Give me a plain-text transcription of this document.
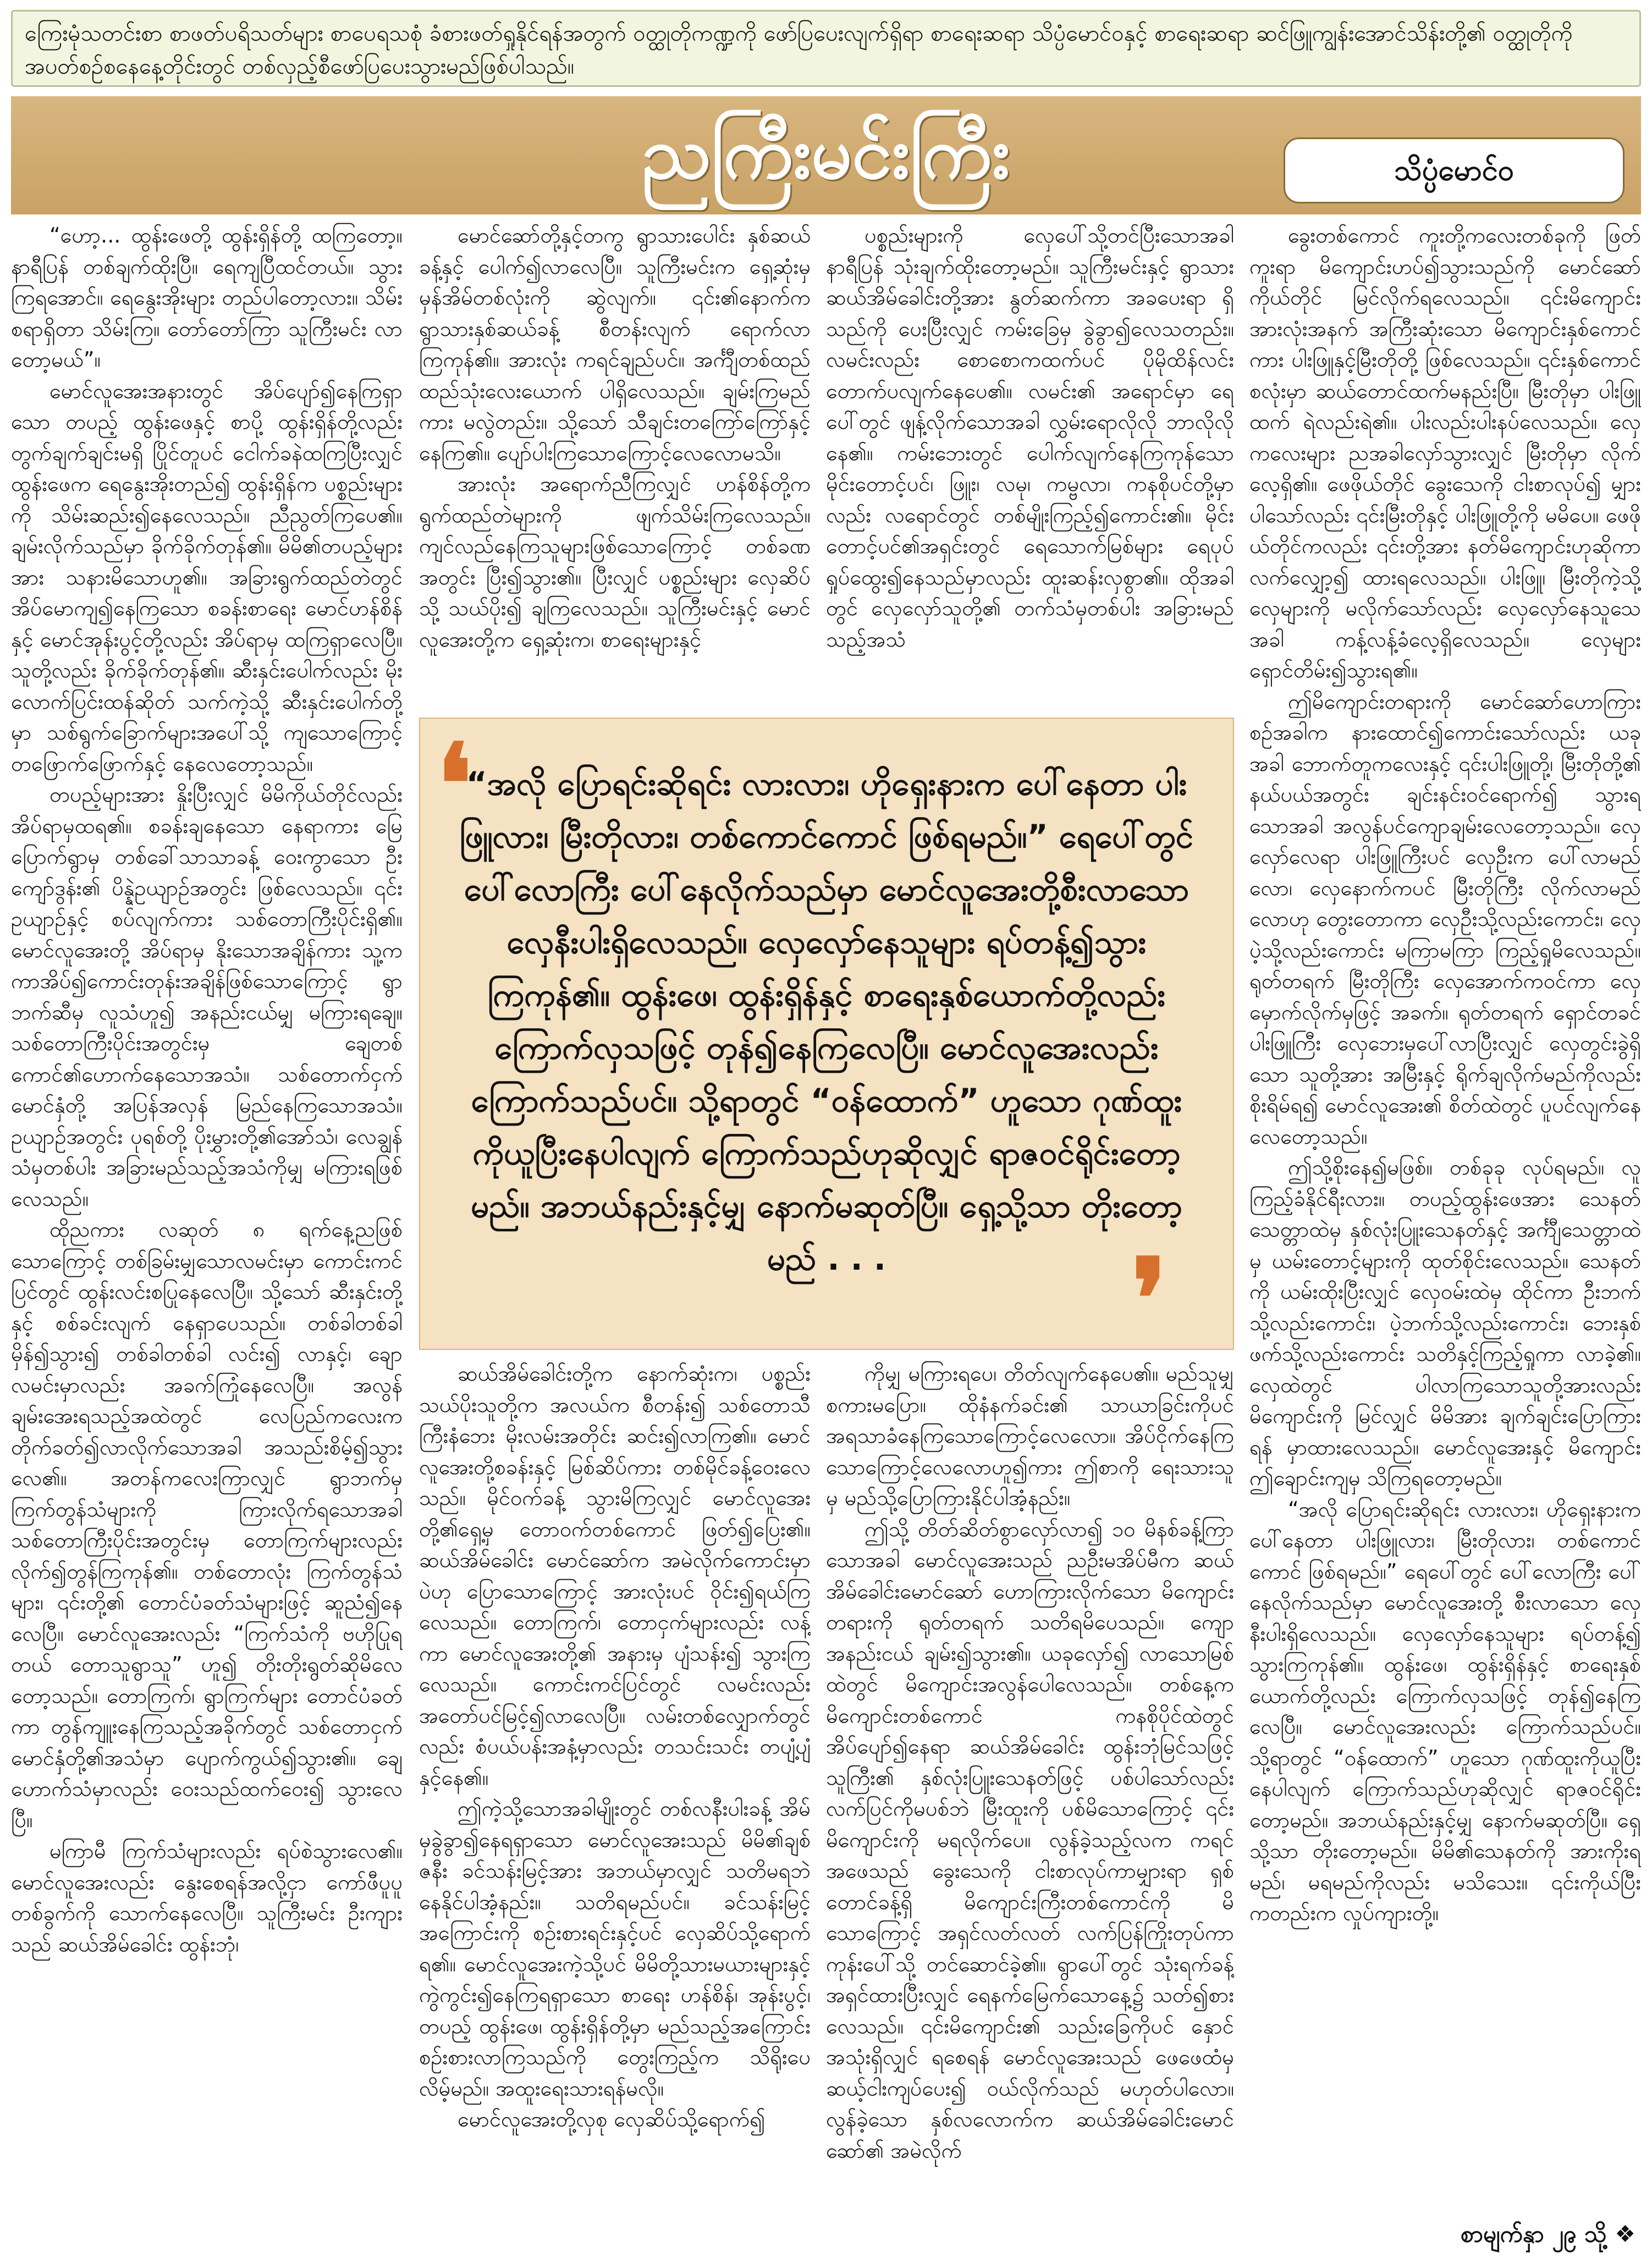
ကြေးမုံသတင်းစာ စာဖတ်ပရိသတ်များ စာပေရသစုံ ခံစားဖတ်ရှုနိုင်ရန်အတွက် ဝတ္ထုတိုကဏ္ဍကို ဖော်ပြပေးလျက်ရှိရာ စာရေးဆရာ သိပ္ပံမောင်ဝနှင့် စာရေးဆရာ ဆင်ဖြူကျွန်းအောင်သိန်းတို့၏ ဝတ္ထုတိုကို အပတ်စဉ်စနေနေ့တိုင်းတွင် တစ်လှည့်စီဖော်ပြပေးသွားမည်ဖြစ်ပါသည်။
ညကြီးမင်းကြီး	သိပ္ပံမောင်ဝ

“ဟော့... ထွန်းဖေတို့ ထွန်းရှိန်တို့ ထကြတော့။ နာရီပြန် တစ်ချက်ထိုးပြီ။ ရေကျပြီထင်တယ်။ သွားကြရအောင်။ ရေနွေးအိုးများ တည်ပါတော့လား။ သိမ်းစရာရှိတာ သိမ်းကြ။ တော်တော်ကြာ သူကြီးမင်း လာတော့မယ်”။

မောင်လူအေးအနားတွင် အိပ်ပျော်၍နေကြရှာသော တပည့် ထွန်းဖေနှင့် စာပို့ ထွန်းရှိန်တို့လည်း တွက်ချက်ချင်းမရှိ ပြိုင်တူပင် ငေါက်ခနဲထကြပြီးလျှင် ထွန်းဖေက ရေနွေးအိုးတည်၍ ထွန်းရှိန်က ပစ္စည်းများကို သိမ်းဆည်း၍နေလေသည်။ ညီညွတ်ကြပေ၏။ ချမ်းလိုက်သည်မှာ ခိုက်ခိုက်တုန်၏။ မိမိ၏တပည့်များအား သနားမိသောဟူ၏။ အခြားရွက်ထည်တဲတွင် အိပ်မောကျ၍နေကြသော စခန်းစာရေး မောင်ဟန်စိန်နှင့် မောင်အုန်းပွင့်တို့လည်း အိပ်ရာမှ ထကြရှာလေပြီ။ သူတို့လည်း ခိုက်ခိုက်တုန်၏။ ဆီးနှင်းပေါက်လည်း မိုးလောက်ပြင်းထန်ဆိုတ် သက်ကဲ့သို့ ဆီးနှင်းပေါက်တို့မှာ သစ်ရွက်ခြောက်များအပေါ်သို့ ကျသောကြောင့် တဖြောက်ဖြောက်နှင့် နေလေတော့သည်။

တပည့်များအား နှိုးပြီးလျှင် မိမိကိုယ်တိုင်လည်း အိပ်ရာမှထရ၏။ စခန်းချနေသော နေရာကား မြေပြောက်ရွာမှ တစ်ခေါ်သာသာခန့် ဝေးကွာသော ဦးကျော်ဒွန်း၏ ပိန္နဲဥယျာဉ်အတွင်း ဖြစ်လေသည်။ ၎င်းဥယျာဉ်နှင့် စပ်လျက်ကား သစ်တောကြီးပိုင်းရှိ၏။ မောင်လူအေးတို့ အိပ်ရာမှ နိုးသောအချိန်ကား သူ့ကကာအိပ်၍ကောင်းတုန်းအချိန်ဖြစ်သောကြောင့် ရွာဘက်ဆီမှ လူသံဟူ၍ အနည်းငယ်မျှ မကြားရချေ။ သစ်တောကြီးပိုင်းအတွင်းမှ ချေတစ်ကောင်၏ဟောက်နေသောအသံ။ သစ်တောက်ငှက်မောင်နှံတို့ အပြန်အလှန် မြည်နေကြသောအသံ။ ဥယျာဉ်အတွင်း ပုရစ်တို့ ပိုးမွှားတို့၏အော်သံ၊ လေချွန်သံမှတစ်ပါး အခြားမည်သည့်အသံကိုမျှ မကြားရဖြစ်လေသည်။

ထိုညကား လဆုတ် ၈ ရက်နေ့ညဖြစ်သောကြောင့် တစ်ခြမ်းမျှသောလမင်းမှာ ကောင်းကင်ပြင်တွင် ထွန်းလင်းစပြုနေလေပြီ။ သို့သော် ဆီးနှင်းတို့နှင့် စစ်ခင်းလျက် နေရှာပေသည်။ တစ်ခါတစ်ခါ မှိန်၍သွား၍ တစ်ခါတစ်ခါ လင်း၍ လာနှင့်၊ ချော လမင်းမှာလည်း အခက်ကြုံနေလေပြီ။ အလွန်ချမ်းအေးရသည့်အထဲတွင် လေပြည်ကလေးက တိုက်ခတ်၍လာလိုက်သောအခါ အသည်းစိမ့်၍သွားလေ၏။ အတန်ကလေးကြာလျှင် ရွာဘက်မှ ကြက်တွန်သံများကို ကြားလိုက်ရသောအခါ သစ်တောကြီးပိုင်းအတွင်းမှ တောကြက်များလည်း လိုက်၍တွန်ကြကုန်၏။ တစ်တောလုံး ကြက်တွန်သံများ၊ ၎င်းတို့၏ တောင်ပံခတ်သံများဖြင့် ဆူညံ၍နေလေပြီ။ မောင်လူအေးလည်း “ကြက်သံကို ဗဟိုပြုရတယ် တောသူရွာသူ” ဟူ၍ တိုးတိုးရွတ်ဆိုမိလေတော့သည်။ တောကြက်၊ ရွာကြက်များ တောင်ပံခတ်ကာ တွန်ကျူးနေကြသည့်အခိုက်တွင် သစ်တောငှက်မောင်နှံတို့၏အသံမှာ ပျောက်ကွယ်၍သွား၏။ ချေဟောက်သံမှာလည်း ဝေးသည်ထက်ဝေး၍ သွားလေပြီ။

မကြာမီ ကြက်သံများလည်း ရပ်စဲသွားလေ၏။ မောင်လူအေးလည်း နွေးစေရန်အလို့ငှာ ကော်ဖီပူပူတစ်ခွက်ကို သောက်နေလေပြီ။ သူကြီးမင်း ဦးကျားသည် ဆယ်အိမ်ခေါင်း ထွန်းဘုံ၊

မောင်ဆော်တို့နှင့်တကွ ရွာသားပေါင်း နှစ်ဆယ်ခန့်နှင့် ပေါက်၍လာလေပြီ။ သူကြီးမင်းက ရှေ့ဆုံးမှ မှန်အိမ်တစ်လုံးကို ဆွဲလျက်။ ၎င်း၏နောက်က ရွာသားနှစ်ဆယ်ခန့် စီတန်းလျက် ရောက်လာကြကုန်၏။ အားလုံး ကရင်ချည်ပင်။ အင်္ကျီတစ်ထည်ထည်သုံးလေးယောက် ပါရှိလေသည်။ ချမ်းကြမည်ကား မလွဲတည်း။ သို့သော် သီချင်းတကြော်ကြော်နှင့်နေကြ၏။ ပျော်ပါးကြသောကြောင့်လေလောမသိ။

အားလုံး အရောက်ညီကြလျှင် ဟန်စိန်တို့က ရွက်ထည်တဲများကို ဖျက်သိမ်းကြလေသည်။ ကျင်လည်နေကြသူများဖြစ်သောကြောင့် တစ်ခဏအတွင်း ပြီး၍သွား၏။ ပြီးလျှင် ပစ္စည်းများ လှေဆိပ်သို့ သယ်ပိုး၍ ချကြလေသည်။ သူကြီးမင်းနှင့် မောင်လူအေးတို့က ရှေ့ဆုံးက၊ စာရေးများနှင့်

ပစ္စည်းများကို လှေပေါ်သို့တင်ပြီးသောအခါ နာရီပြန် သုံးချက်ထိုးတော့မည်။ သူကြီးမင်းနှင့် ရွာသား ဆယ်အိမ်ခေါင်းတို့အား နွတ်ဆက်ကာ အခပေးရာ ရှိသည်ကို ပေးပြီးလျှင် ကမ်းခြေမှ ခွဲခွာ၍လေသတည်း။ လမင်းလည်း စောစောကထက်ပင် ပိုမိုထိန်လင်းတောက်ပလျက်နေပေ၏။ လမင်း၏ အရောင်မှာ ရေပေါ်တွင် ဖျန့်လိုက်သောအခါ လွှမ်းရောလိုလို ဘာလိုလိုနေ၏။ ကမ်းဘေးတွင် ပေါက်လျက်နေကြကုန်သော မိုင်းတောင့်ပင်၊ ဖြူး၊ လမု၊ ကမ္ဗလာ၊ ကနစိုပင်တို့မှာလည်း လရောင်တွင် တစ်မျိုးကြည့်၍ကောင်း၏။ မိုင်းတောင့်ပင်၏အရှင်းတွင် ရေသောက်မြစ်များ ရေပုပ်ရှုပ်ထွေး၍နေသည်မှာလည်း ထူးဆန်းလှစွာ၏။ ထိုအခါတွင် လှေလှော်သူတို့၏ တက်သံမှတစ်ပါး အခြားမည်သည့်အသံ

❛
“အလို ပြောရင်းဆိုရင်း လားလား၊ ဟိုရှေးနားက ပေါ်နေတာ ပါးဖြူလား၊ မြီးတိုလား၊ တစ်ကောင်ကောင် ဖြစ်ရမည်။” ရေပေါ်တွင် ပေါ်လောကြီး ပေါ်နေလိုက်သည်မှာ မောင်လူအေးတို့စီးလာသော လှေနီးပါးရှိလေသည်။ လှေလှော်နေသူများ ရပ်တန့်၍သွားကြကုန်၏။ ထွန်းဖေ၊ ထွန်းရှိန်နှင့် စာရေးနှစ်ယောက်တို့လည်း ကြောက်လှသဖြင့် တုန်၍နေကြလေပြီ။ မောင်လူအေးလည်း ကြောက်သည်ပင်။ သို့ရာတွင် “ဝန်ထောက်” ဟူသော ဂုဏ်ထူးကိုယူပြီးနေပါလျက် ကြောက်သည်ဟုဆိုလျှင် ရာဇဝင်ရိုင်းတော့မည်။ အဘယ်နည်းနှင့်မျှ နောက်မဆုတ်ပြီ။ ရှေ့သို့သာ တိုးတော့မည် . . . ❜

ခွေးတစ်ကောင် ကူးတို့ကလေးတစ်ခုကို ဖြတ်ကူးရာ မိကျောင်းဟပ်၍သွားသည်ကို မောင်ဆော်ကိုယ်တိုင် မြင်လိုက်ရလေသည်။ ၎င်းမိကျောင်းအားလုံးအနက် အကြီးဆုံးသော မိကျောင်းနှစ်ကောင်ကား ပါးဖြူနှင့်မြီးတိုတို့ ဖြစ်လေသည်။ ၎င်းနှစ်ကောင်စလုံးမှာ ဆယ်တောင်ထက်မနည်းပြီ။ မြီးတိုမှာ ပါးဖြူထက် ရဲလည်းရဲ၏။ ပါးလည်းပါးနပ်လေသည်။ လှေကလေးများ ညအခါလှော်သွားလျှင် မြီးတိုမှာ လိုက်လေ့ရှိ၏။ ဖေဖိုယ်တိုင် ခွေးသေကို ငါးစာလုပ်၍ မျှားပါသော်လည်း ၎င်းမြီးတိုနှင့် ပါးဖြူတို့ကို မမိပေ။ ဖေဖိုယ်တိုင်ကလည်း ၎င်းတို့အား နတ်မိကျောင်းဟုဆိုကာ လက်လျှော့၍ ထားရလေသည်။ ပါးဖြူ၊ မြီးတိုကဲ့သို့ လှေများကို မလိုက်သော်လည်း လှေလှော်နေသူသေအခါ ကန့်လန့်ခံလေ့ရှိလေသည်။ လှေများ ရှောင်တိမ်း၍သွားရ၏။

ဤမိကျောင်းတရားကို မောင်ဆော်ဟောကြားစဉ်အခါက နားထောင်၍ကောင်းသော်လည်း ယခုအခါ ဘောက်တူကလေးနှင့် ၎င်းပါးဖြူတို့၊ မြီးတိုတို့၏ နယ်ပယ်အတွင်း ချင်းနင်းဝင်ရောက်၍ သွားရသောအခါ အလွန်ပင်ကျောချမ်းလေတော့သည်။ လှေလှော်လေရာ ပါးဖြူကြီးပင် လှေဦးက ပေါ်လာမည်လော၊ လှေနောက်ကပင် မြီးတိုကြီး လိုက်လာမည်လောဟု တွေးတောကာ လှေဦးသို့လည်းကောင်း၊ လှေပဲ့သို့လည်းကောင်း မကြာမကြာ ကြည့်ရှုမိလေသည်။ ရုတ်တရက် မြီးတိုကြီး လှေအောက်ကဝင်ကာ လှေမှောက်လိုက်မှဖြင့် အခက်။ ရုတ်တရက် ရှောင်တခင် ပါးဖြူကြီး လှေဘေးမှပေါ်လာပြီးလျှင် လှေတွင်းခွဲရှိသော သူတို့အား အမြီးနှင့် ရိုက်ချလိုက်မည်ကိုလည်းစိုးရိမ်ရ၍ မောင်လူအေး၏ စိတ်ထဲတွင် ပူပင်လျက်နေလေတော့သည်။

ဤသို့စိုးနေ၍မဖြစ်။ တစ်ခုခု လုပ်ရမည်။ လူကြည့်ခံနိုင်ရီးလား။ တပည့်ထွန်းဖေအား သေနတ်သေတ္တာထဲမှ နှစ်လုံးပြူးသေနတ်နှင့် အင်္ကျီသေတ္တာထဲမှ ယမ်းတောင့်များကို ထုတ်စိုင်းလေသည်။ သေနတ်ကို ယမ်းထိုးပြီးလျှင် လှေဝမ်းထဲမှ ထိုင်ကာ ဦးဘက်သို့လည်းကောင်း၊ ပဲ့ဘက်သို့လည်းကောင်း၊ ဘေးနှစ်ဖက်သို့လည်းကောင်း သတိနှင့်ကြည့်ရှုကာ လာခဲ့၏။ လှေထဲတွင် ပါလာကြသောသူတို့အားလည်း မိကျောင်းကို မြင်လျှင် မိမိအား ချက်ချင်းပြောကြားရန် မှာထားလေသည်။ မောင်လူအေးနှင့် မိကျောင်း ဤချောင်းကျမှ သိကြရတော့မည်။

“အလို ပြောရင်းဆိုရင်း လားလား၊ ဟိုရှေးနားက ပေါ်နေတာ ပါးဖြူလား၊ မြီးတိုလား၊ တစ်ကောင်ကောင် ဖြစ်ရမည်။” ရေပေါ်တွင် ပေါ်လောကြီး ပေါ်နေလိုက်သည်မှာ မောင်လူအေးတို့ စီးလာသော လှေနီးပါးရှိလေသည်။ လှေလှော်နေသူများ ရပ်တန့်၍ သွားကြကုန်၏။ ထွန်းဖေ၊ ထွန်းရှိန်နှင့် စာရေးနှစ်ယောက်တို့လည်း ကြောက်လှသဖြင့် တုန်၍နေကြလေပြီ။ မောင်လူအေးလည်း ကြောက်သည်ပင်။ သို့ရာတွင် “ဝန်ထောက်” ဟူသော ဂုဏ်ထူးကိုယူပြီးနေပါလျက် ကြောက်သည်ဟုဆိုလျှင် ရာဇဝင်ရိုင်းတော့မည်။ အဘယ်နည်းနှင့်မျှ နောက်မဆုတ်ပြီ။ ရှေ့သို့သာ တိုးတော့မည်။ မိမိ၏သေနတ်ကို အားကိုးရမည်၊ မရမည်ကိုလည်း မသိသေး။ ၎င်းကိုယ်ပြီးကတည်းက လှုပ်ကျားတို့။

ဆယ်အိမ်ခေါင်းတို့က နောက်ဆုံးက၊ ပစ္စည်းသယ်ပိုးသူတို့က အလယ်က စီတန်း၍ သစ်တောသီကြီးနံဘေး မိုးလမ်းအတိုင်း ဆင်း၍လာကြ၏။ မောင်လူအေးတို့စခန်းနှင့် မြစ်ဆိပ်ကား တစ်မိုင်ခန့်ဝေးလေသည်။ မိုင်ဝက်ခန့် သွားမိကြလျှင် မောင်လူအေးတို့၏ရှေ့မှ တောဝက်တစ်ကောင် ဖြတ်၍ပြေး၏။ ဆယ်အိမ်ခေါင်း မောင်ဆော်က အမဲလိုက်ကောင်းမှာပဲဟု ပြောသောကြောင့် အားလုံးပင် ဝိုင်း၍ရယ်ကြလေသည်။ တောကြက်၊ တောငှက်များလည်း လန့်ကာ မောင်လူအေးတို့၏ အနားမှ ပျံသန်း၍ သွားကြလေသည်။ ကောင်းကင်ပြင်တွင် လမင်းလည်း အတော်ပင်မြင့်၍လာလေပြီ။ လမ်းတစ်လျှောက်တွင်လည်း စံပယ်ပန်းအနံ့မှာလည်း တသင်းသင်း တပျံ့ပျံ့နှင့်နေ၏။

ဤကဲ့သို့သောအခါမျိုးတွင် တစ်လနီးပါးခန့် အိမ်မှခွဲခွာ၍နေရရှာသော မောင်လူအေးသည် မိမိ၏ချစ်ဇနီး ခင်သန်းမြင့်အား အဘယ်မှာလျှင် သတိမရဘဲ နေနိုင်ပါအံ့နည်း။ သတိရမည်ပင်။ ခင်သန်းမြင့်အကြောင်းကို စဉ်းစားရင်းနှင့်ပင် လှေဆိပ်သို့ရောက်ရ၏။ မောင်လူအေးကဲ့သို့ပင် မိမိတို့သားမယားများနှင့် ကွဲကွင်း၍နေကြရရှာသော စာရေး ဟန်စိန်၊ အုန်းပွင့်၊ တပည့် ထွန်းဖေ၊ ထွန်းရှိန်တို့မှာ မည်သည့်အကြောင်းစဉ်းစားလာကြသည်ကို တွေးကြည့်က သိရိုးပေလိမ့်မည်။ အထူးရေးသားရန်မလို။

မောင်လူအေးတို့လှစု လှေဆိပ်သို့ရောက်၍

ကိုမျှ မကြားရပေ၊ တိတ်လျက်နေပေ၏။ မည်သူမျှ စကားမပြော။ ထိုနံနက်ခင်း၏ သာယာခြင်းကိုပင် အရသာခံနေကြသောကြောင့်လေလော။ အိပ်ငိုက်နေကြသောကြောင့်လေလောဟူ၍ကား ဤစာကို ရေးသားသူမှ မည်သို့ပြောကြားနိုင်ပါအံ့နည်း။

ဤသို့ တိတ်ဆိတ်စွာလှော်လာ၍ ၁၀ မိနစ်ခန့်ကြာသောအခါ မောင်လူအေးသည် ညဦးမအိပ်မီက ဆယ်အိမ်ခေါင်းမောင်ဆော် ဟောကြားလိုက်သော မိကျောင်းတရားကို ရုတ်တရက် သတိရမိပေသည်။ ကျောအနည်းငယ် ချမ်း၍သွား၏။ ယခုလှော်၍ လာသောမြစ်ထဲတွင် မိကျောင်းအလွန်ပေါလေသည်။ တစ်နေ့က မိကျောင်းတစ်ကောင် ကနစိုပိုင်ထဲတွင် အိပ်ပျော်၍နေရာ ဆယ်အိမ်ခေါင်း ထွန်းဘုံမြင်သဖြင့် သူကြီး၏ နှစ်လုံးပြူးသေနတ်ဖြင့် ပစ်ပါသော်လည်း လက်ပြင်ကိုမပစ်ဘဲ မြီးထူးကို ပစ်မိသောကြောင့် ၎င်းမိကျောင်းကို မရလိုက်ပေ။ လွန်ခဲ့သည့်လက ကရင်အဖေသည် ခွေးသေကို ငါးစာလုပ်ကာမျှားရာ ရှစ်တောင်ခန့်ရှိ မိကျောင်းကြီးတစ်ကောင်ကို မိသောကြောင့် အရှင်လတ်လတ် လက်ပြန်ကြိုးတုပ်ကာ ကုန်းပေါ်သို့ တင်ဆောင်ခဲ့၏။ ရွာပေါ်တွင် သုံးရက်ခန့် အရှင်ထားပြီးလျှင် ရေနက်မြေက်သောနေ့၌ သတ်၍စားလေသည်။ ၎င်းမိကျောင်း၏ သည်းခြေကိုပင် နှောင်အသုံးရှိလျှင် ရစေရန် မောင်လူအေးသည် ဖေဖေထံမှ ဆယ့်ငါးကျပ်ပေး၍ ဝယ်လိုက်သည် မဟုတ်ပါလော။ လွန်ခဲ့သော နှစ်လလောက်က ဆယ်အိမ်ခေါင်းမောင်ဆော်၏ အမဲလိုက်

စာမျက်နှာ ၂၉ သို့ ❖
